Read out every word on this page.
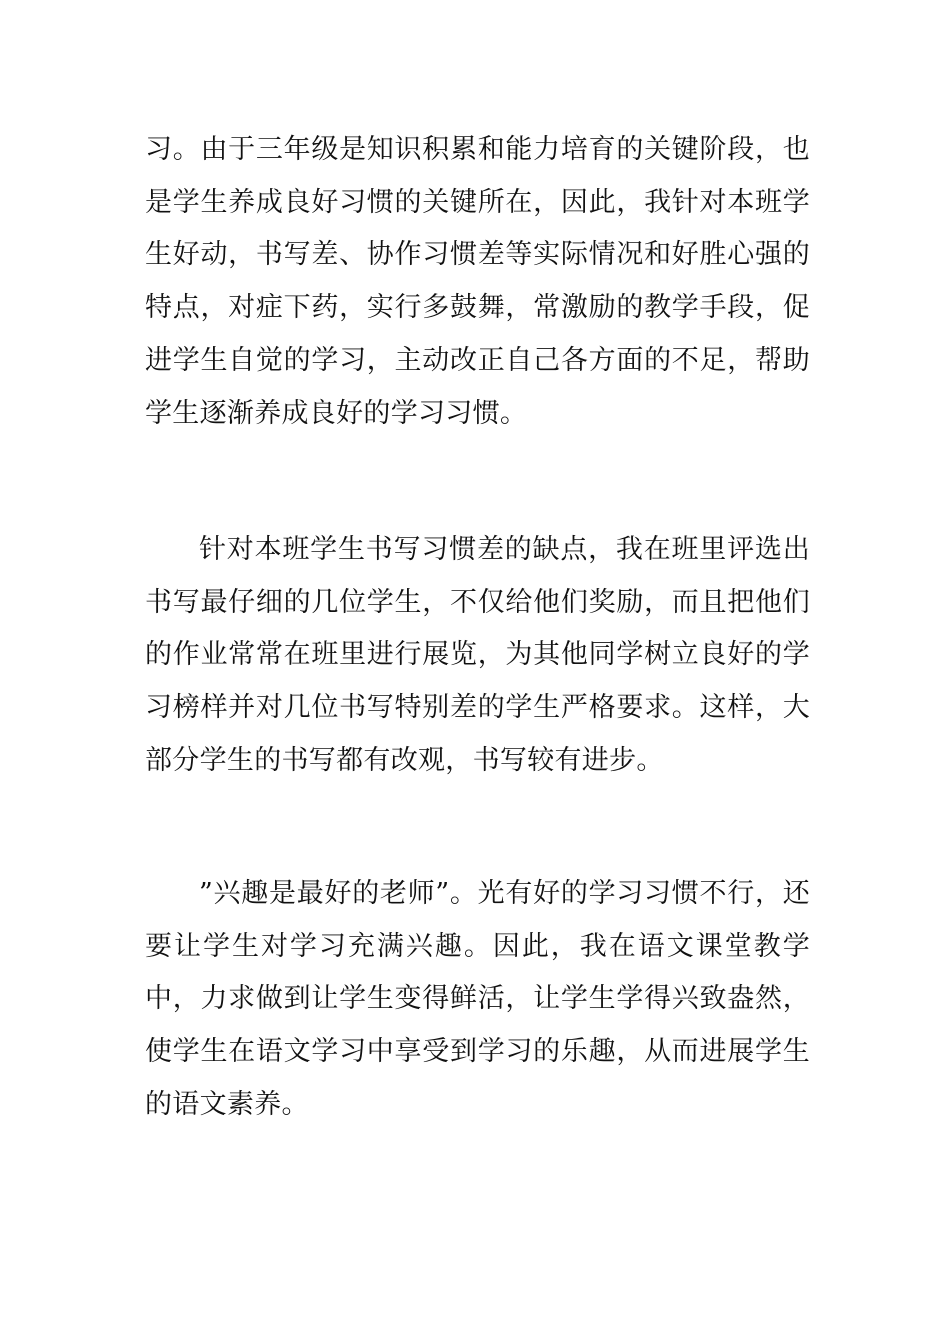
习。由于三年级是知识积累和能力培育的关键阶段，也是学生养成良好习惯的关键所在，因此，我针对本班学生好动，书写差、协作习惯差等实际情况和好胜心强的特点，对症下药，实行多鼓舞，常激励的教学手段，促进学生自觉的学习，主动改正自己各方面的不足，帮助学生逐渐养成良好的学习习惯。

针对本班学生书写习惯差的缺点，我在班里评选出书写最仔细的几位学生，不仅给他们奖励，而且把他们的作业常常在班里进行展览，为其他同学树立良好的学习榜样并对几位书写特别差的学生严格要求。这样，大部分学生的书写都有改观，书写较有进步。

”兴趣是最好的老师”。光有好的学习习惯不行，还要让学生对学习充满兴趣。因此，我在语文课堂教学中，力求做到让学生变得鲜活，让学生学得兴致盎然，使学生在语文学习中享受到学习的乐趣，从而进展学生的语文素养。
